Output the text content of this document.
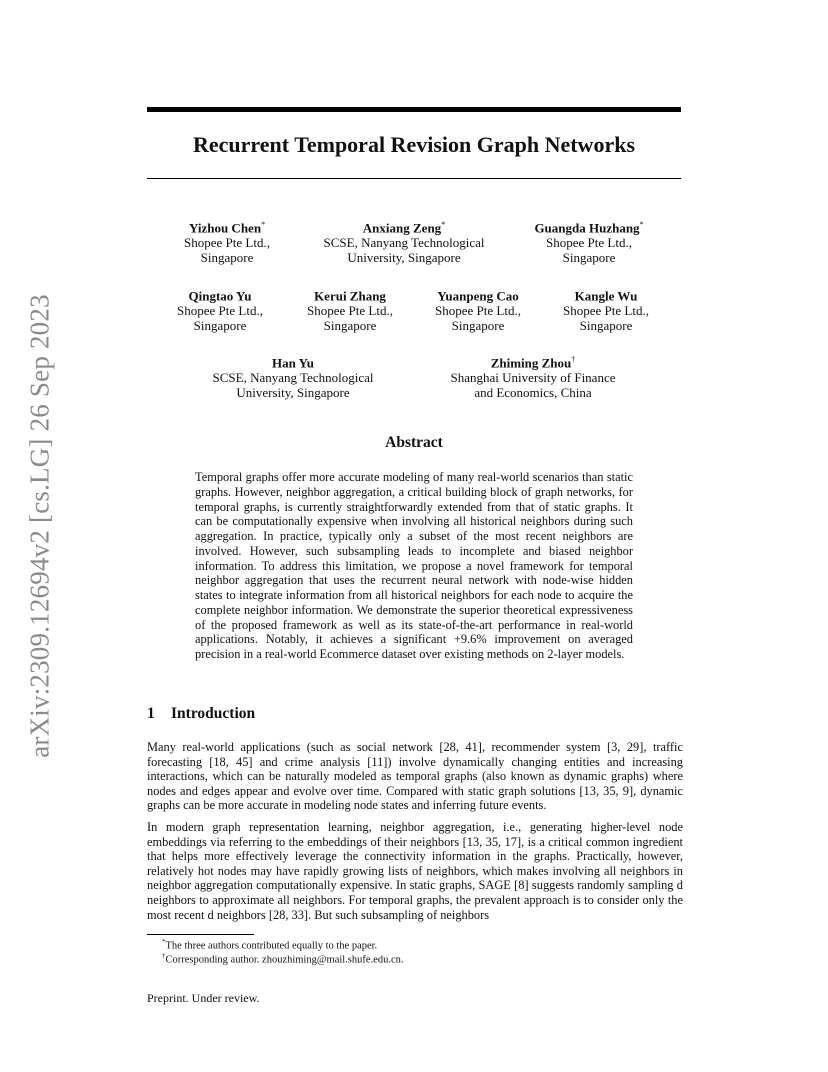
arXiv:2309.12694v2 [cs.LG] 26 Sep 2023
Recurrent Temporal Revision Graph Networks
Yizhou Chen*
Shopee Pte Ltd.,
Singapore
Anxiang Zeng*
SCSE, Nanyang Technological
University, Singapore
Guangda Huzhang*
Shopee Pte Ltd.,
Singapore
Qingtao Yu
Shopee Pte Ltd.,
Singapore
Kerui Zhang
Shopee Pte Ltd.,
Singapore
Yuanpeng Cao
Shopee Pte Ltd.,
Singapore
Kangle Wu
Shopee Pte Ltd.,
Singapore
Han Yu
SCSE, Nanyang Technological
University, Singapore
Zhiming Zhou†
Shanghai University of Finance
and Economics, China
Abstract

Temporal graphs offer more accurate modeling of many real-world scenarios than static graphs. However, neighbor aggregation, a critical building block of graph networks, for temporal graphs, is currently straightforwardly extended from that of static graphs. It can be computationally expensive when involving all historical neighbors during such aggregation. In practice, typically only a subset of the most recent neighbors are involved. However, such subsampling leads to incomplete and biased neighbor information. To address this limitation, we propose a novel framework for temporal neighbor aggregation that uses the recurrent neural network with node-wise hidden states to integrate information from all historical neighbors for each node to acquire the complete neighbor information. We demonstrate the superior theoretical expressiveness of the proposed framework as well as its state-of-the-art performance in real-world applications. Notably, it achieves a significant +9.6% improvement on averaged precision in a real-world Ecommerce dataset over existing methods on 2-layer models.

1 Introduction

Many real-world applications (such as social network [28, 41], recommender system [3, 29], traffic forecasting [18, 45] and crime analysis [11]) involve dynamically changing entities and increasing interactions, which can be naturally modeled as temporal graphs (also known as dynamic graphs) where nodes and edges appear and evolve over time. Compared with static graph solutions [13, 35, 9], dynamic graphs can be more accurate in modeling node states and inferring future events.

In modern graph representation learning, neighbor aggregation, i.e., generating higher-level node embeddings via referring to the embeddings of their neighbors [13, 35, 17], is a critical common ingredient that helps more effectively leverage the connectivity information in the graphs. Practically, however, relatively hot nodes may have rapidly growing lists of neighbors, which makes involving all neighbors in neighbor aggregation computationally expensive. In static graphs, SAGE [8] suggests randomly sampling d neighbors to approximate all neighbors. For temporal graphs, the prevalent approach is to consider only the most recent d neighbors [28, 33]. But such subsampling of neighbors

*The three authors contributed equally to the paper.

†Corresponding author. zhouzhiming@mail.shufe.edu.cn.

Preprint. Under review.
